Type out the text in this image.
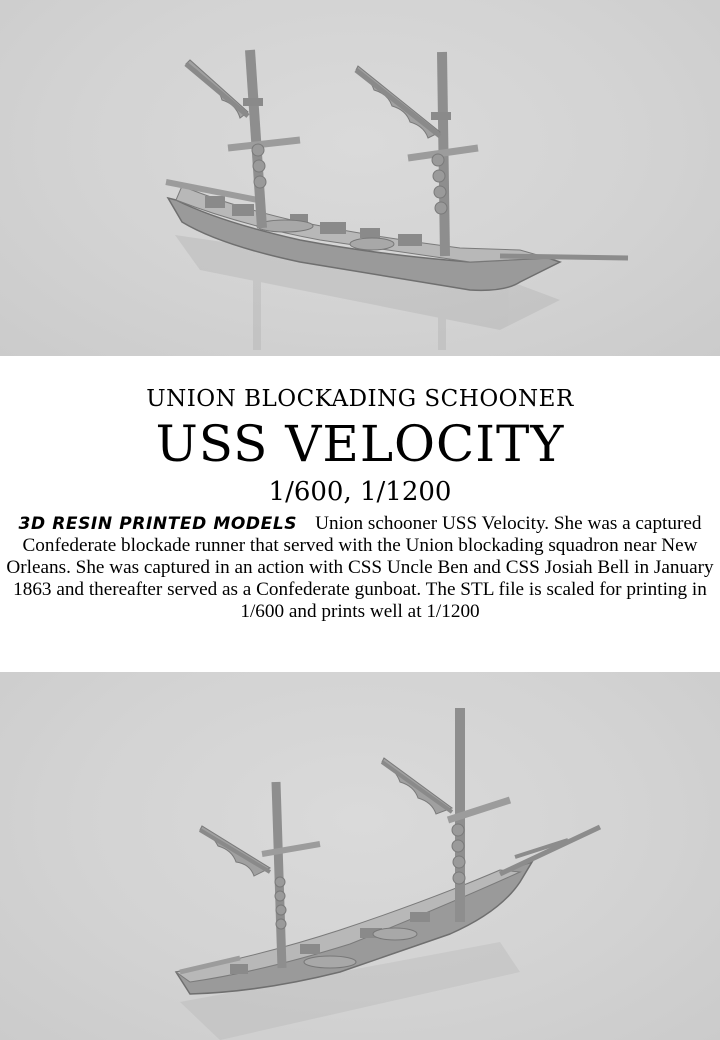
UNION BLOCKADING SCHOONER
USS VELOCITY
1/600, 1/1200
3D RESIN PRINTED MODELS Union schooner USS Velocity. She was a captured Confederate blockade runner that served with the Union blockading squadron near New Orleans. She was captured in an action with CSS Uncle Ben and CSS Josiah Bell in January 1863 and thereafter served as a Confederate gunboat. The STL file is scaled for printing in 1/600 and prints well at 1/1200
